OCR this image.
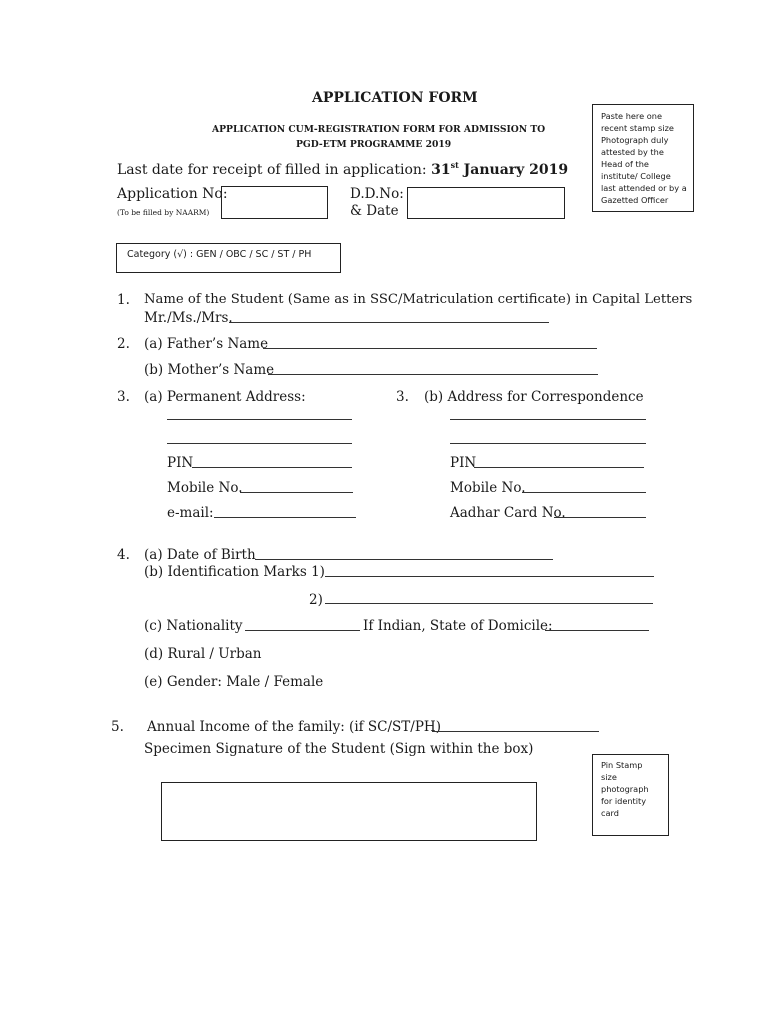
APPLICATION FORM
APPLICATION CUM-REGISTRATION FORM FOR ADMISSION TO
PGD-ETM PROGRAMME 2019
Last date for receipt of filled in application: 31st January 2019
Paste here one recent stamp size Photograph duly attested by the Head of the institute/ College last attended or by a Gazetted Officer
Application No:
(To be filled by NAARM)
D.D.No:
& Date
Category (√) : GEN / OBC / SC / ST / PH
1. Name of the Student (Same as in SSC/Matriculation certificate) in Capital Letters
Mr./Ms./Mrs.
2. (a) Father’s Name
(b) Mother’s Name
3. (a) Permanent Address:	3. (b) Address for Correspondence
PIN	PIN
Mobile No.	Mobile No.
e-mail:	Aadhar Card No.
4. (a) Date of Birth
(b) Identification Marks 1)
2)
(c) Nationality	If Indian, State of Domicile:
(d) Rural / Urban
(e) Gender: Male / Female
5. Annual Income of the family: (if SC/ST/PH)
Specimen Signature of the Student (Sign within the box)
Pin Stamp size photograph for identity card
